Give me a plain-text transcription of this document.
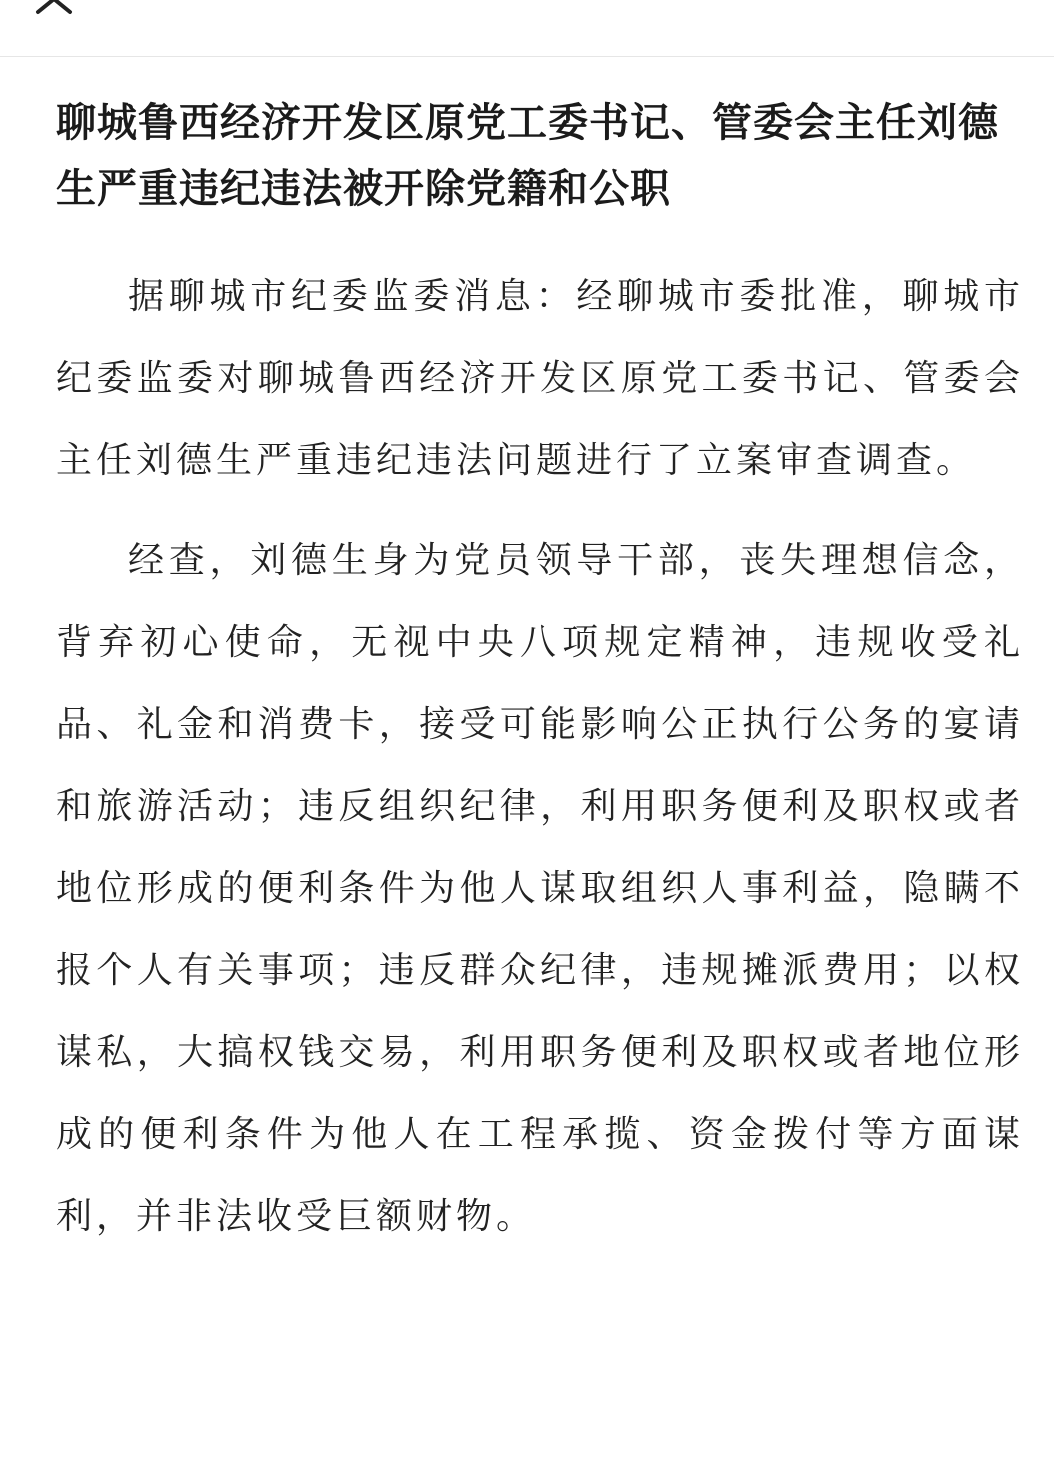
聊城鲁西经济开发区原党工委书记、管委会主任刘德生严重违纪违法被开除党籍和公职

据聊城市纪委监委消息：经聊城市委批准，聊城市纪委监委对聊城鲁西经济开发区原党工委书记、管委会主任刘德生严重违纪违法问题进行了立案审查调查。

经查，刘德生身为党员领导干部，丧失理想信念，背弃初心使命，无视中央八项规定精神，违规收受礼品、礼金和消费卡，接受可能影响公正执行公务的宴请和旅游活动；违反组织纪律，利用职务便利及职权或者地位形成的便利条件为他人谋取组织人事利益，隐瞒不报个人有关事项；违反群众纪律，违规摊派费用；以权谋私，大搞权钱交易，利用职务便利及职权或者地位形成的便利条件为他人在工程承揽、资金拨付等方面谋利，并非法收受巨额财物。
